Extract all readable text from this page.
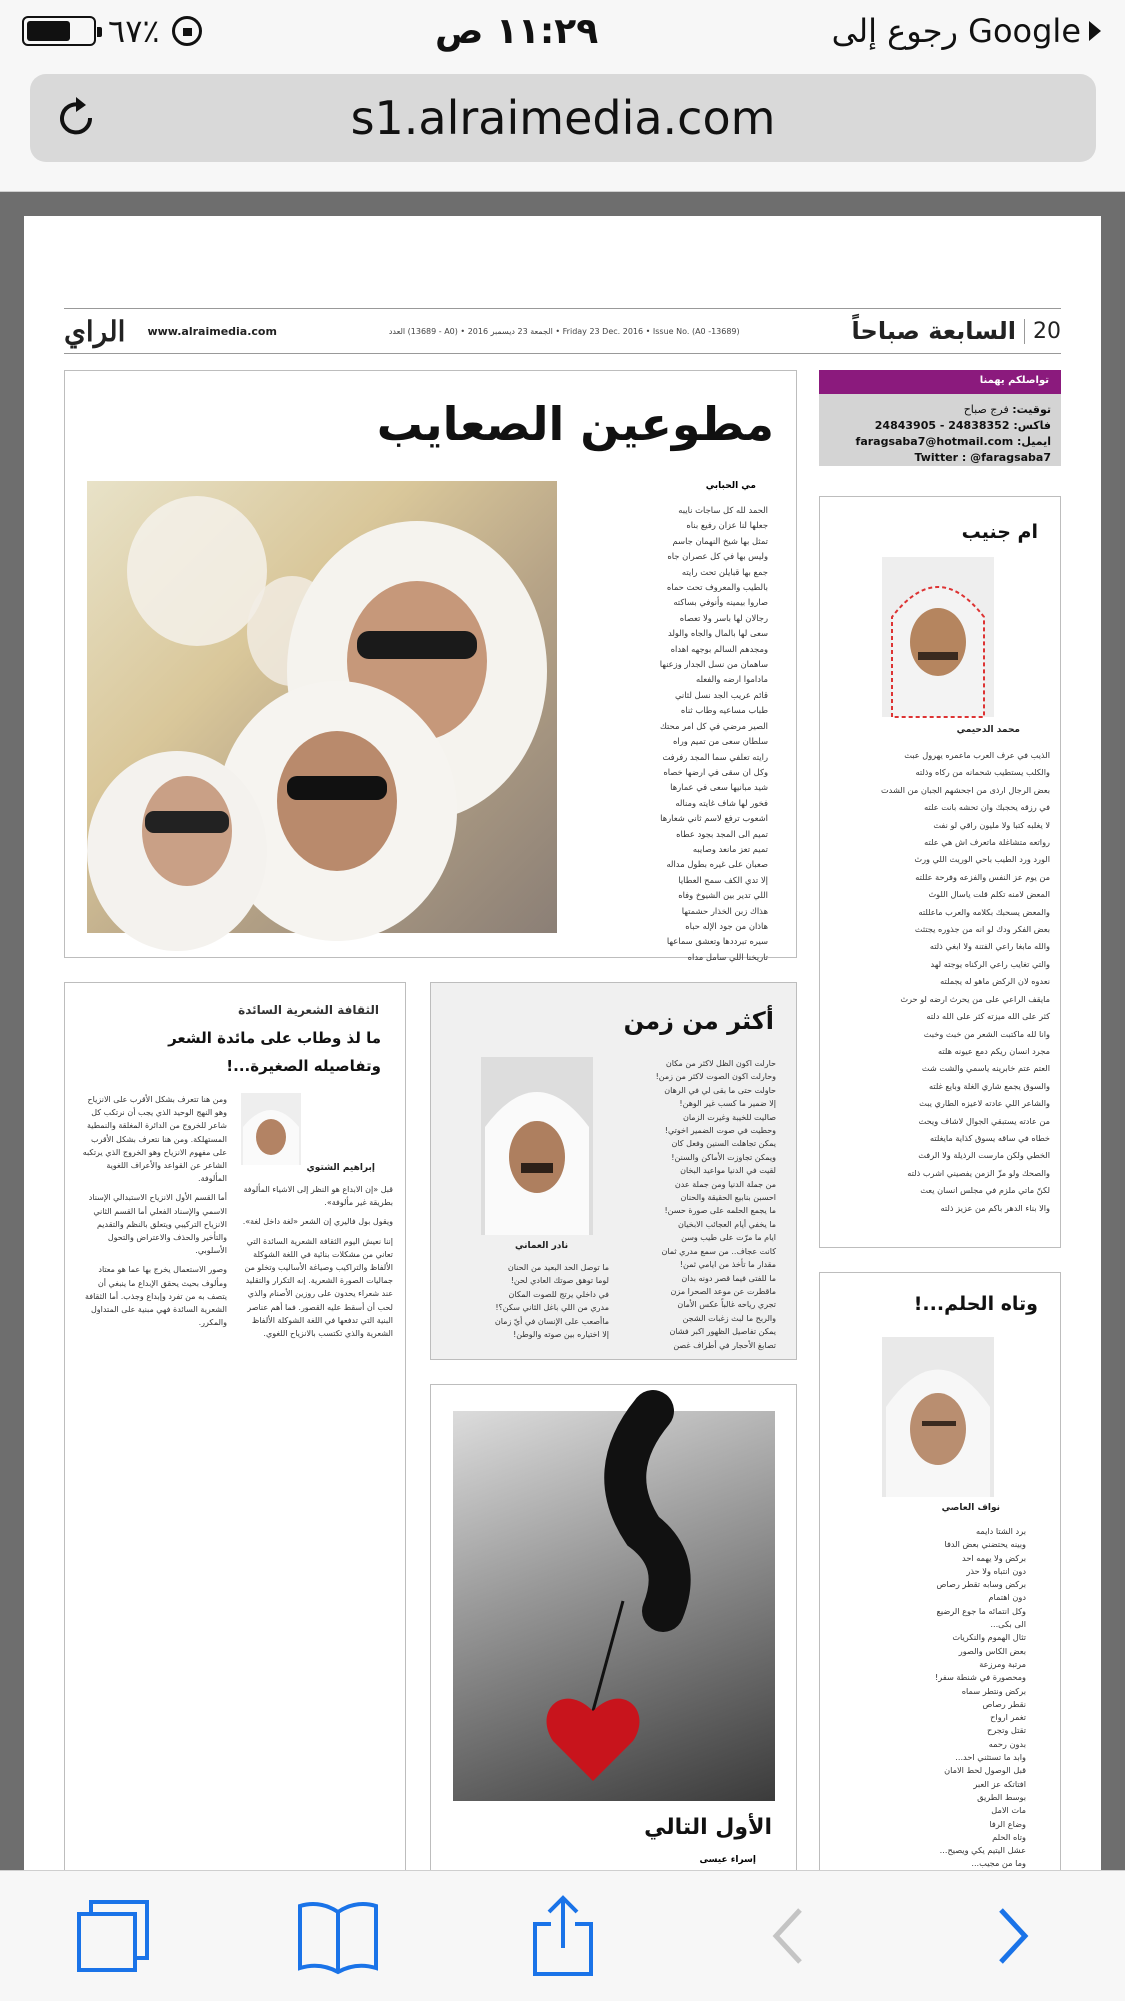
٦٧٪	١١:٢٩ ص	رجوع إلى Google
s1.alraimedia.com
الراي www.alraimedia.com	العدد (13689 - A0) • الجمعة 23 ديسمبر 2016 • Friday 23 Dec. 2016 • Issue No. (A0 -13689)	20
السابعة صباحاً
مطوعين الصعايب
مي الحبابي
الحمد لله كل ساجات نايبه
جعلها لنا عزان رفيع بناه
تمثل بها شيخ النهمان جاسم
وليس بها في كل عصران جاه
جمع بها قبايلن تحت رايته
بالطيب والمعروف تحت حماه
صاروا بيمينه وأنوفي بساكته
رجالان لها باسر ولا تعصاه
سعى لها بالمال والجاه والولد
ومجدهم السالم بوجهه اهداه
ساهمان من نسل الجدار وزعنها
ماداموا ارضه والفعله
قائم عريب الجد نسل لثاني
طباب مساعيه وطاب ثناه
الصير مرضي في كل امر محتك
سلطان سعى من تميم وراه
رايته تعلفي سما المجد رفرفت
وكل ان سقى في ارضها خصاه
شيد مبانيها سعى في عمارها
فخور لها شاف غايته ومناله
اشعوب ترفع لاسم ثاني شعارها
تميم الى المجد بجود عطاه
تميم تعز مانعد وصايبه
صعبان على غيره بطول مداله
إلا تدي الكف سمح العطايا
اللي تدير بين الشيوخ وفاه
هذاك زبن الخذار حشمتها
هاذان من جود الإله حباه
سيره تبرددها وتعشق سماعها
تاريخنا اللي سامل مداه
تواصلكم يهمنا
توقيت: فرج صباح
فاكس: 24838352 - 24843905
ايميل: faragsaba7@hotmail.com
Twitter : @faragsaba7
ام جنيب
محمد الدحيمي
الذيب في عرف العرب ماعمره يهرول عبث
والكلب يستطيب شحمانه من ركاه وذلته
بعض الرجال ارذى من اجحشهم الجبان من الشدت
في رزقه يحجبك وان تحشه بانت علته
لا يغلبه كتبا ولا مليون راقي لو نفث
رواتعه متشاغلة ماتعرف اش هي علته
الورد ورد الطيب باحي الوريث اللي ورث
من يوم عز النفس والفزعه وفرحة عللته
المعض لامنه تكلم قلت ياسال اللوث
والمعض يسحبك بكلامه والعرب ماعللته
بعض الفكر ودك لو انه من جذوره يجتثث
والله مابغا راعي الفتنة ولا ابغي ذلته
والتي تغايب راعي الركناه يوجته لهد
نعدوه لان الركض ماهو له يجملته
مايقف الراعي على من يحرث ارضه لو حرث
كثر على الله ميزته كثر على الله دلته
وانا لله ماكتبت الشعر من خبث وخبث
مجرد انسان ريكم دمع عيونه هلته
العتم عتم خابرينه ياسمي والشت شث
والسوق يجمع شاري الغلة وبايع غلته
والشاعر اللي عادته لاعيزه الطاري يبث
من عادته يستبقي الجوال لاشاف ويحث
خطاه في ساقه يسوق كذاية مايغلته
الخطي ولكن مارست الرذيلة ولا الرفث
والصحك ولو مزّ الزمن يفصيني اشرب ذلته
لكنّ ماتي ملزم في مجلس انسان يعث
والا بناء الدهر باكم من عزيز ذلته
وتاه الحلم...!
نواف العاصي
برد الشتا دايمه
وبينه يحتضني بعض الدفا
بركض ولا يهمه احد
دون انتباه ولا حذر
بركض وسابه تقطر رصاص
دون اهتمام
وكل انتمائه ما جوع الرضيع
الى بكى...
تثال الهموم والنكريات
بعض الكاس والصور
مرتبة ومرزعة
ومحصورة في شنطة سفر!
بركض ونتطر سماه
نقطر رصاص
تغمر ارواح
تقتل وتجرح
بدون رحمه
وابد ما تستثني احد...
قبل الوصول لحط الامان
افتاتكه عز العبر
بوسط الطريق
مات الامل
وضاع الرفا
وتاه الحلم
عشل اليتيم يكي ويصيح...
وما من مجيب...
أكثر من زمن
حارلت اكون الظل لاكثر من مكان
وحارلت اكون الصوت لاكثر من زمن!
حاولت حتى ما بقى لي في الرهان
إلا ضمير ما كسب غير الوهن!
صاليت للخيبة وغيرت الزمان
وحطيت في صوت الضمير اخوتي!
يمكن تجاهلت السنين وفعل كان
ويمكن تجاوزت الأماكن والسنن!
لقيت في الدنيا مواعيد البخان
من جملة الدنيا ومن جملة عدن
احسبن بنابيع الحقيقة والحنان
ما يجمع الحلمه على صورة حسن!
ما يخفي أيام العجائب الابخيان
ايام ما مرّت على طيب وسن
كانت عجاف.. من سمع مدري ثمان
مقدار ما تأخذ من ايامي ثمن!
ما للفتى فيما قصر دونه بدان
ماقطرت عن موعد الصحرا مزن
تجري رياحه غالباً عكس الأمان
والربح ما لبث زغبات الشجن
يمكن تفاصيل الظهور اكبر فشان
تصابغ الأحجار في أطراف غصن
نادر العماني
ما توصل الحد البعيد من الحنان
لوما توهق صوتك العادي لحن!
في داخلي يرتج للصوت المكان
مدري من اللي باغل الثاني سكن؟!
ماأصعب على الإنسان في أيّ زمان
إلا اختياره بين صوته والوطن!
الثقافة الشعرية السائدة
ما لذ وطاب على مائدة الشعر
وتفاصيله الصغيرة...!
إبراهيم الشتوي

قبل «إن الابداع هو النظر إلى الاشياء المألوفة بطريقة غير مألوفة».

ويقول بول فاليري إن الشعر «لغة داخل لغة».

إننا نعيش اليوم الثقافة الشعرية السائدة التي تعاني من مشكلات بنائية في اللغة الشوكلة الألفاظ والتراكيب وصياغة الأساليب وتخلو من جماليات الصورة الشعرية. إنه التكرار والتقليد عند شعراء يحدون على روزين الأصنام والذي لحب أن أسقط عليه القصور. فما أهم عناصر البنية التي تدفعها في اللغة الشوكلة الألفاظ الشعرية والذي تكتسب بالانزياح اللغوي.

ومن هنا تتعرف بشكل الأقرب على الانزياح وهو النهج الوحيد الذي يجب أن نرتكب كل شاعر للخروج من الدائرة المغلقة والنمطية المستهلكة. ومن هنا نتعرف بشكل الأقرب على مفهوم الانزياح وهو الخروج الذي يرتكبه الشاعر عن القواعد والأعراف اللغوية المألوفة.

أما القسم الأول الانزياح الاستبدالي الإسناد الاسمي والإسناد الفعلي أما القسم الثاني الانزياح التركيبي ويتعلق بالنظم والتقديم والتأخير والحذف والاعتراض والتحول الأسلوبي.

وصور الاستعمال يخرج بها عما هو معتاد ومألوف بحيث يحقق الإبداع ما ينبغي أن يتصف به من تفرد وإبداع وجذب. أما الثقافة الشعرية السائدة فهي مبنية على المتداول والمكرر.

الأول التالي
إسراء عيسى
